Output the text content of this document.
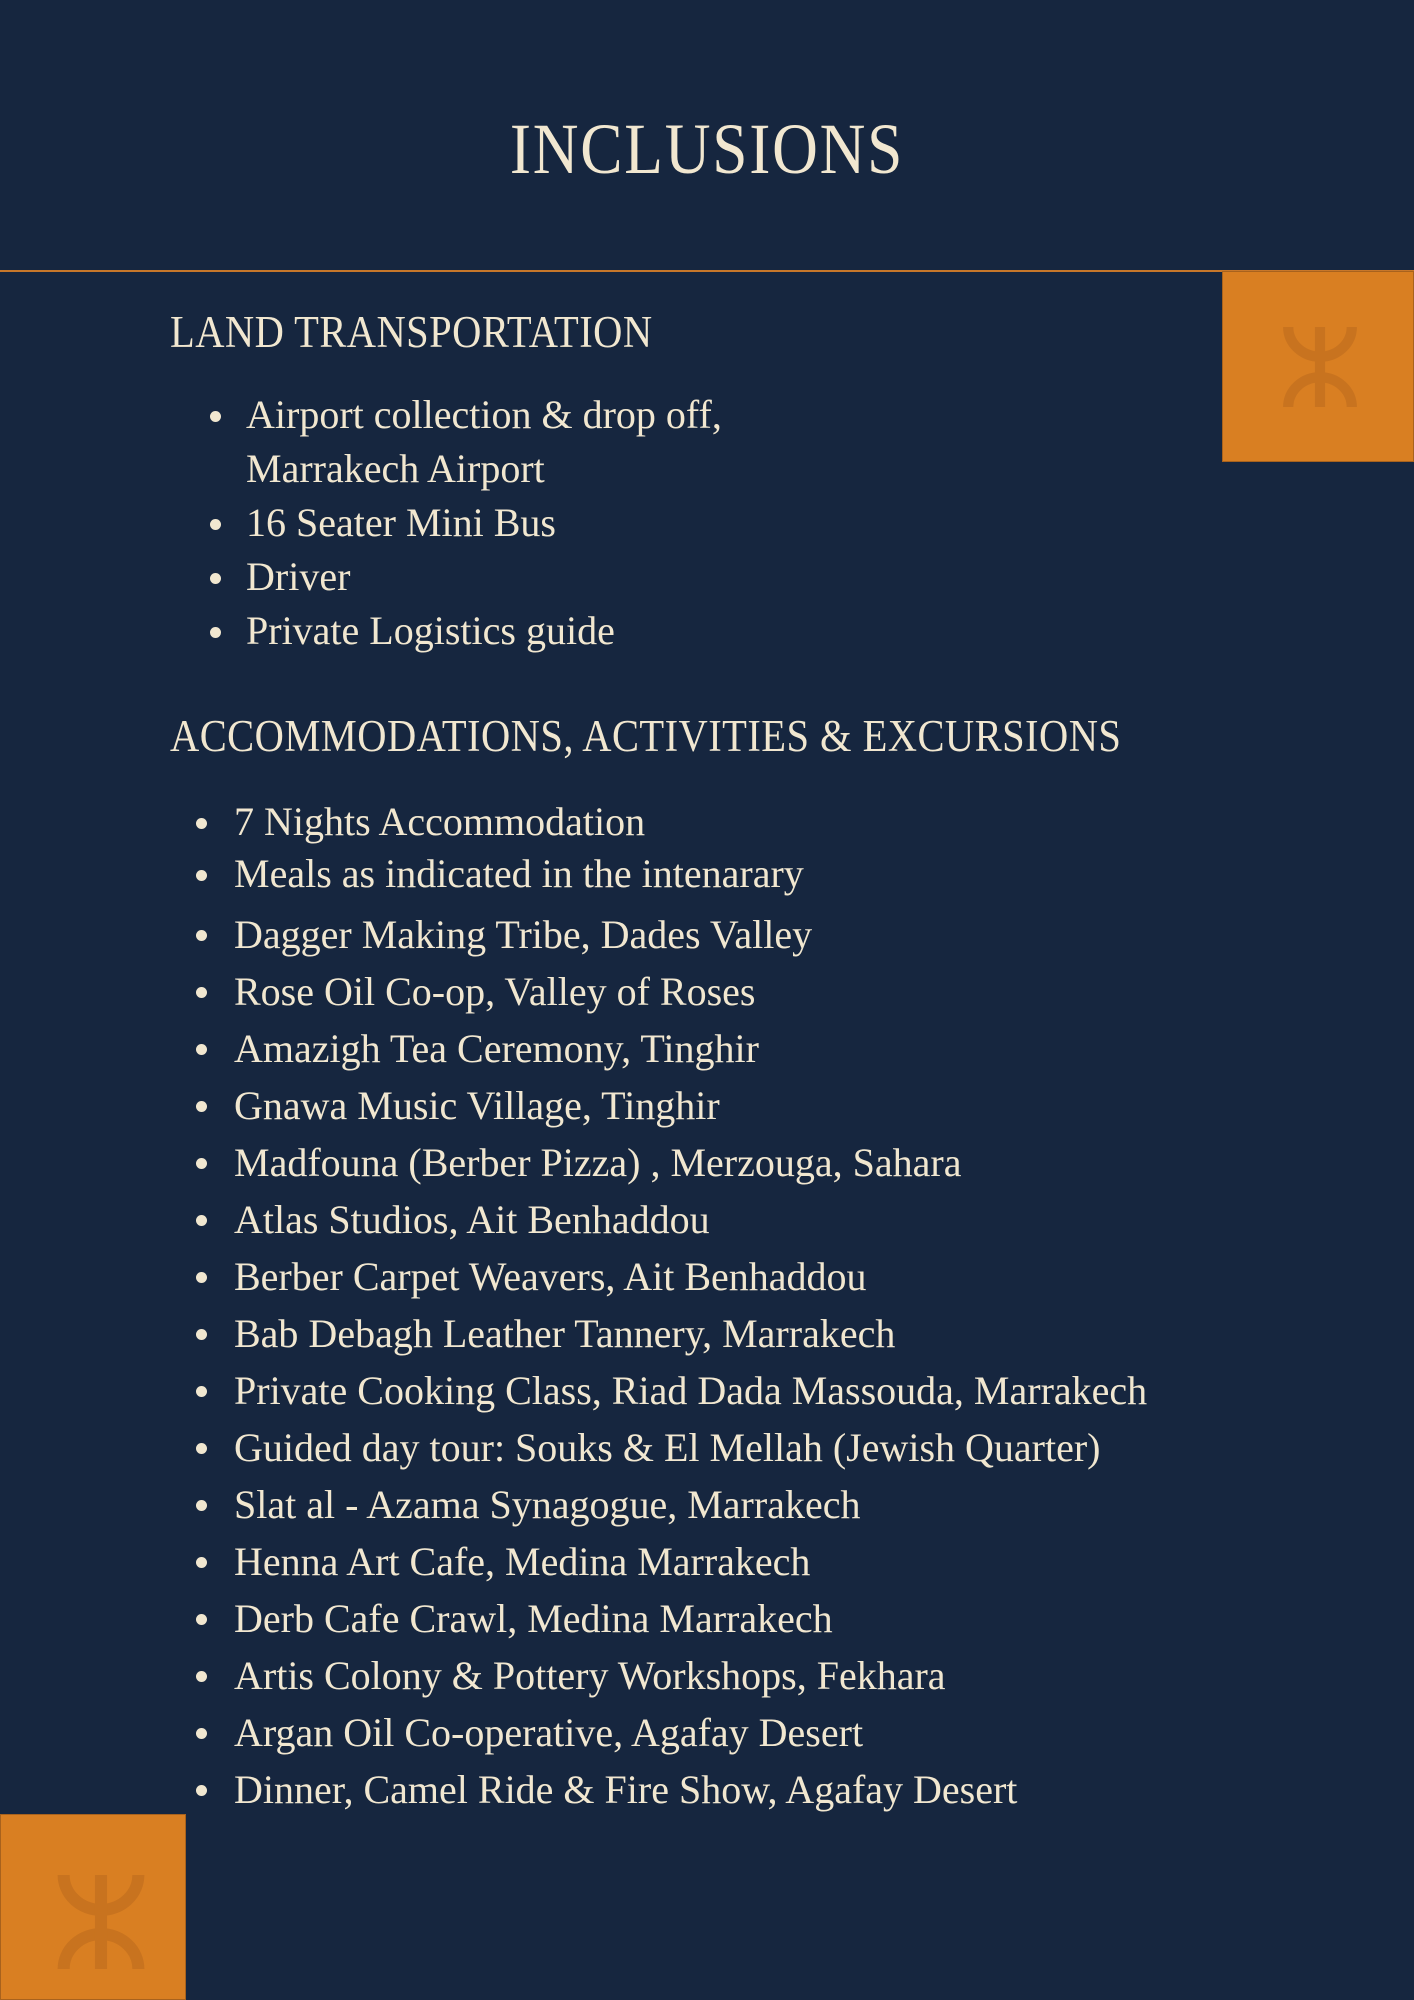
INCLUSIONS
LAND TRANSPORTATION
Airport collection & drop off,
Marrakech Airport
16 Seater Mini Bus
Driver
Private Logistics guide
ACCOMMODATIONS, ACTIVITIES & EXCURSIONS
7 Nights Accommodation
Meals as indicated in the intenarary
Dagger Making Tribe, Dades Valley
Rose Oil Co-op, Valley of Roses
Amazigh Tea Ceremony, Tinghir
Gnawa Music Village, Tinghir
Madfouna (Berber Pizza) , Merzouga, Sahara
Atlas Studios, Ait Benhaddou
Berber Carpet Weavers, Ait Benhaddou
Bab Debagh Leather Tannery, Marrakech
Private Cooking Class, Riad Dada Massouda, Marrakech
Guided day tour: Souks & El Mellah (Jewish Quarter)
Slat al - Azama Synagogue, Marrakech
Henna Art Cafe, Medina Marrakech
Derb Cafe Crawl, Medina Marrakech
Artis Colony & Pottery Workshops, Fekhara
Argan Oil Co-operative, Agafay Desert
Dinner, Camel Ride & Fire Show, Agafay Desert
